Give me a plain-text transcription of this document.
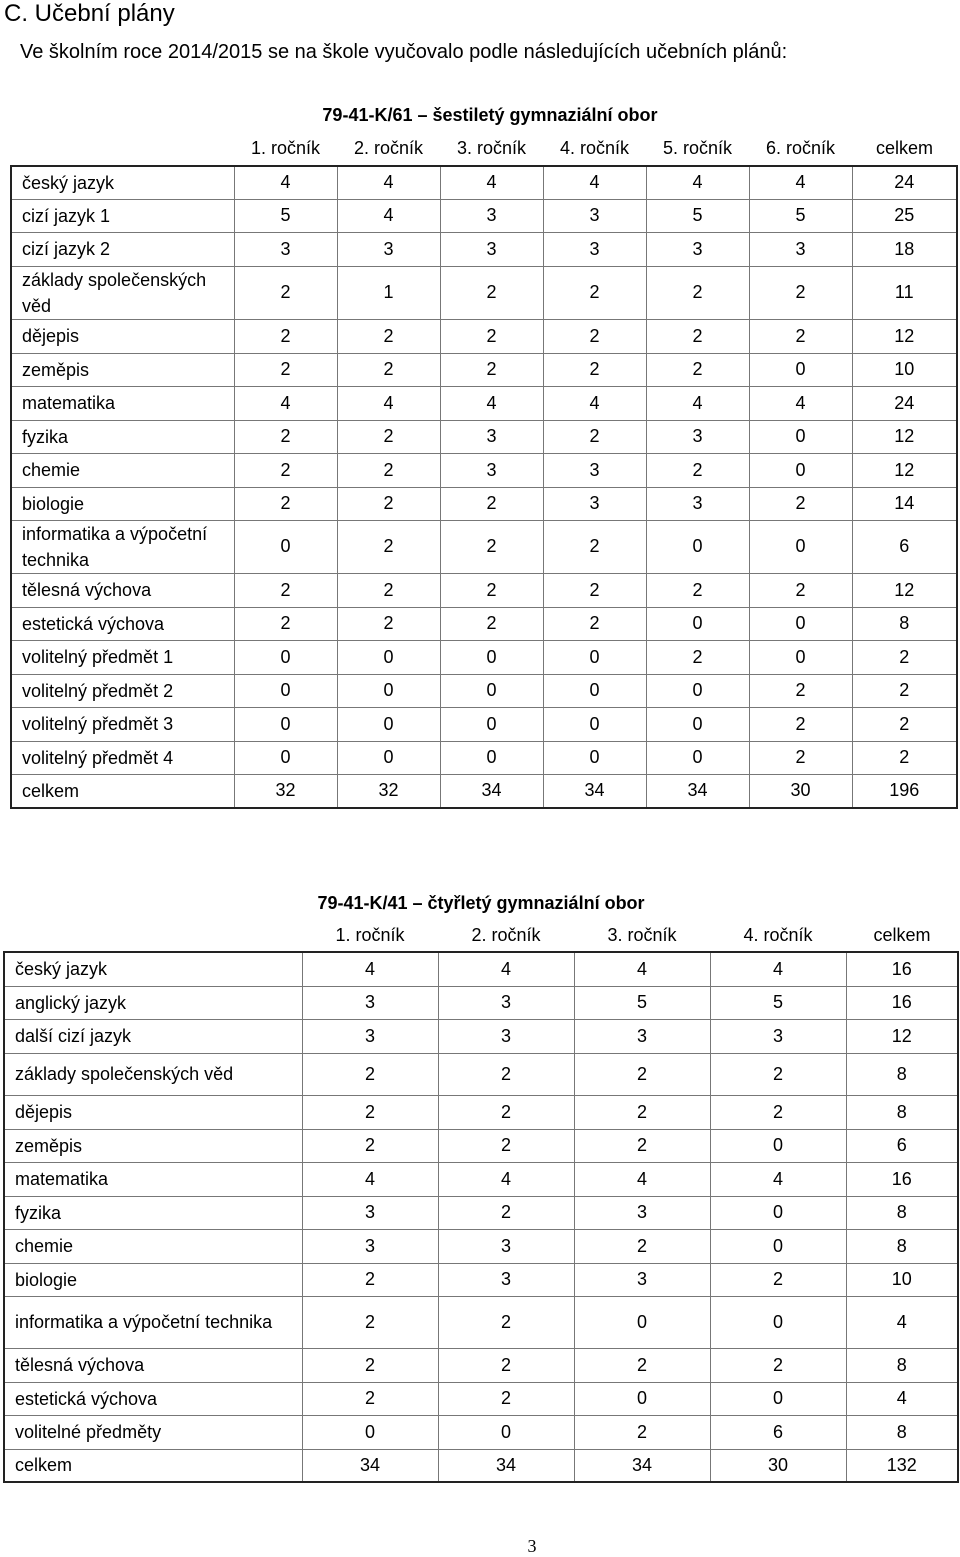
C. Učební plány
Ve školním roce 2014/2015 se na škole vyučovalo podle následujících učebních plánů:
79-41-K/61 – šestiletý gymnaziální obor
	1. ročník	2. ročník	3. ročník	4. ročník	5. ročník	6. ročník	celkem
český jazyk	4	4	4	4	4	4	24
cizí jazyk 1	5	4	3	3	5	5	25
cizí jazyk 2	3	3	3	3	3	3	18
základy společenských věd	2	1	2	2	2	2	11
dějepis	2	2	2	2	2	2	12
zeměpis	2	2	2	2	2	0	10
matematika	4	4	4	4	4	4	24
fyzika	2	2	3	2	3	0	12
chemie	2	2	3	3	2	0	12
biologie	2	2	2	3	3	2	14
informatika a výpočetní technika	0	2	2	2	0	0	6
tělesná výchova	2	2	2	2	2	2	12
estetická výchova	2	2	2	2	0	0	8
volitelný předmět 1	0	0	0	0	2	0	2
volitelný předmět 2	0	0	0	0	0	2	2
volitelný předmět 3	0	0	0	0	0	2	2
volitelný předmět 4	0	0	0	0	0	2	2
celkem	32	32	34	34	34	30	196
79-41-K/41 – čtyřletý gymnaziální obor
	1. ročník	2. ročník	3. ročník	4. ročník	celkem
český jazyk	4	4	4	4	16
anglický jazyk	3	3	5	5	16
další cizí jazyk	3	3	3	3	12
základy společenských věd	2	2	2	2	8
dějepis	2	2	2	2	8
zeměpis	2	2	2	0	6
matematika	4	4	4	4	16
fyzika	3	2	3	0	8
chemie	3	3	2	0	8
biologie	2	3	3	2	10
informatika a výpočetní technika	2	2	0	0	4
tělesná výchova	2	2	2	2	8
estetická výchova	2	2	0	0	4
volitelné předměty	0	0	2	6	8
celkem	34	34	34	30	132
3
